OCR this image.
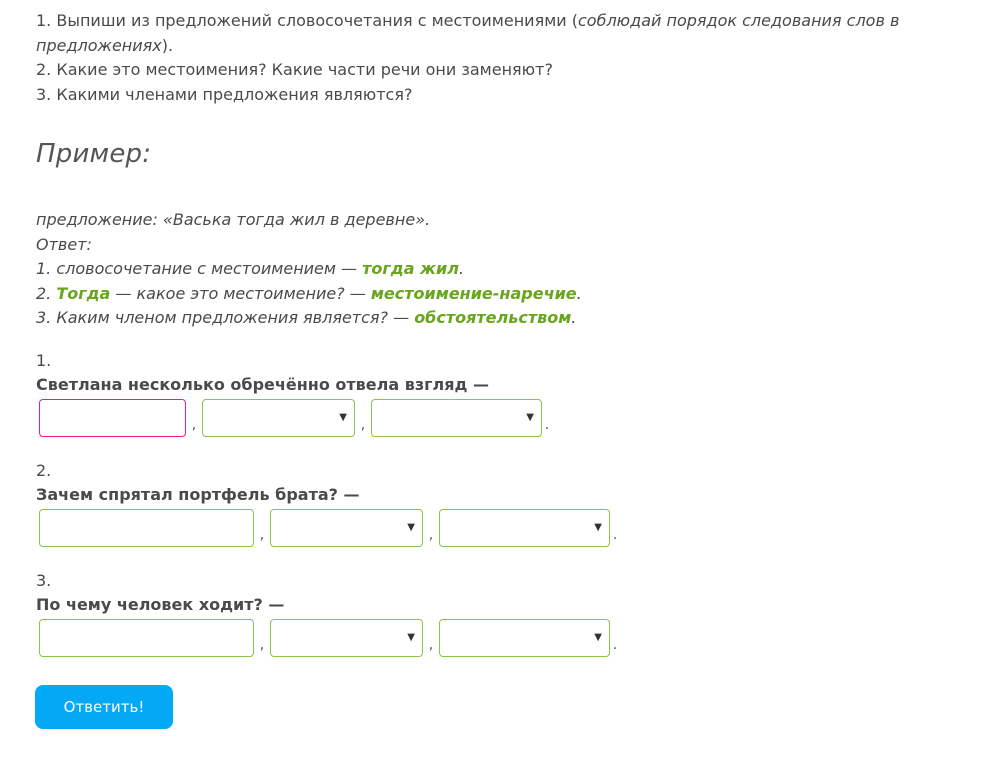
1. Выпиши из предложений словосочетания с местоимениями (соблюдай порядок следования слов в предложениях).

2. Какие это местоимения? Какие части речи они заменяют?

3. Какими членами предложения являются?

Пример:

предложение: «Васька тогда жил в деревне».

Ответ:

1. словосочетание с местоимением — тогда жил.

2. Тогда — какое это местоимение? — местоимение-наречие.

3. Каким членом предложения является? — обстоятельством.

1.
Светлана несколько обречённо отвела взгляд —
,	▼ ,	▼ .
2.
Зачем спрятал портфель брата? —
,	▼ ,	▼ .
3.
По чему человек ходит? —
,	▼ ,	▼ .
Ответить!
